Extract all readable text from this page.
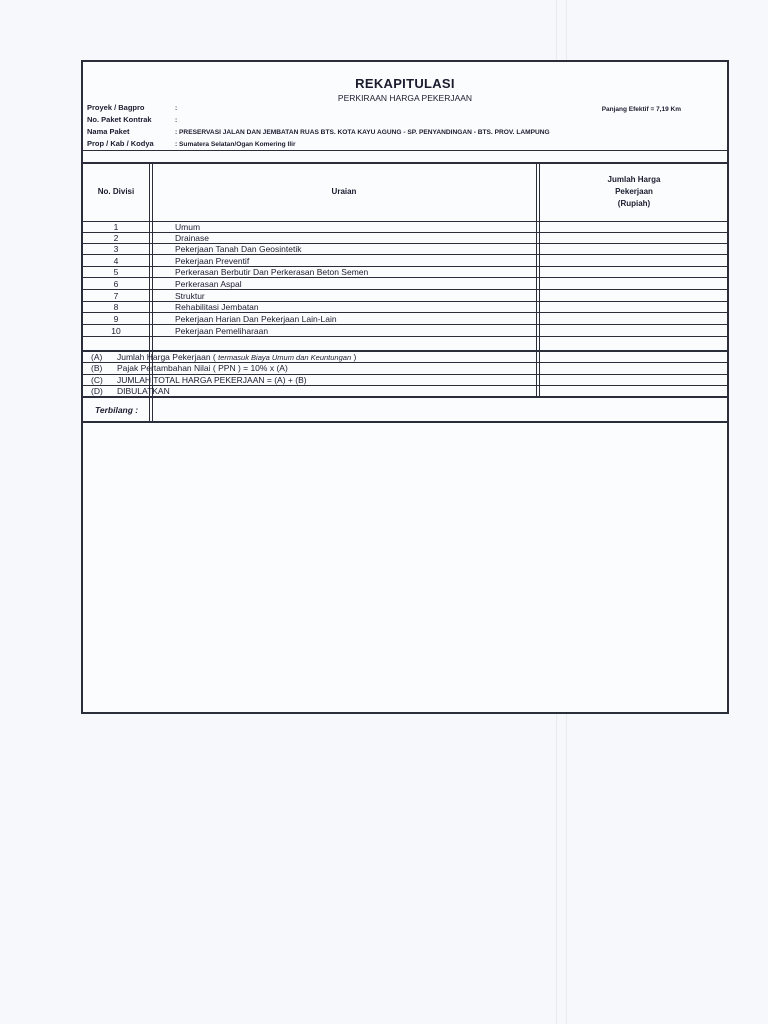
REKAPITULASI
PERKIRAAN HARGA PEKERJAAN
Panjang Efektif = 7,19 Km
Proyek / Bagpro	:
No. Paket Kontrak	:
Nama Paket	: PRESERVASI JALAN DAN JEMBATAN RUAS BTS. KOTA KAYU AGUNG - SP. PENYANDINGAN - BTS. PROV. LAMPUNG
Prop / Kab / Kodya	: Sumatera Selatan/Ogan Komering Ilir
No. Divisi	Uraian
Jumlah Harga
Pekerjaan
(Rupiah)
1	Umum
2	Drainase
3	Pekerjaan Tanah Dan Geosintetik
4	Pekerjaan Preventif
5	Perkerasan Berbutir Dan Perkerasan Beton Semen
6	Perkerasan Aspal
7	Struktur
8	Rehabilitasi Jembatan
9	Pekerjaan Harian Dan Pekerjaan Lain-Lain
10	Pekerjaan Pemeliharaan
(A) Jumlah Harga Pekerjaan ( termasuk Biaya Umum dan Keuntungan )
(B) Pajak Pertambahan Nilai ( PPN ) = 10% x (A)
(C) JUMLAH TOTAL HARGA PEKERJAAN = (A) + (B)
(D) DIBULATKAN
Terbilang :
